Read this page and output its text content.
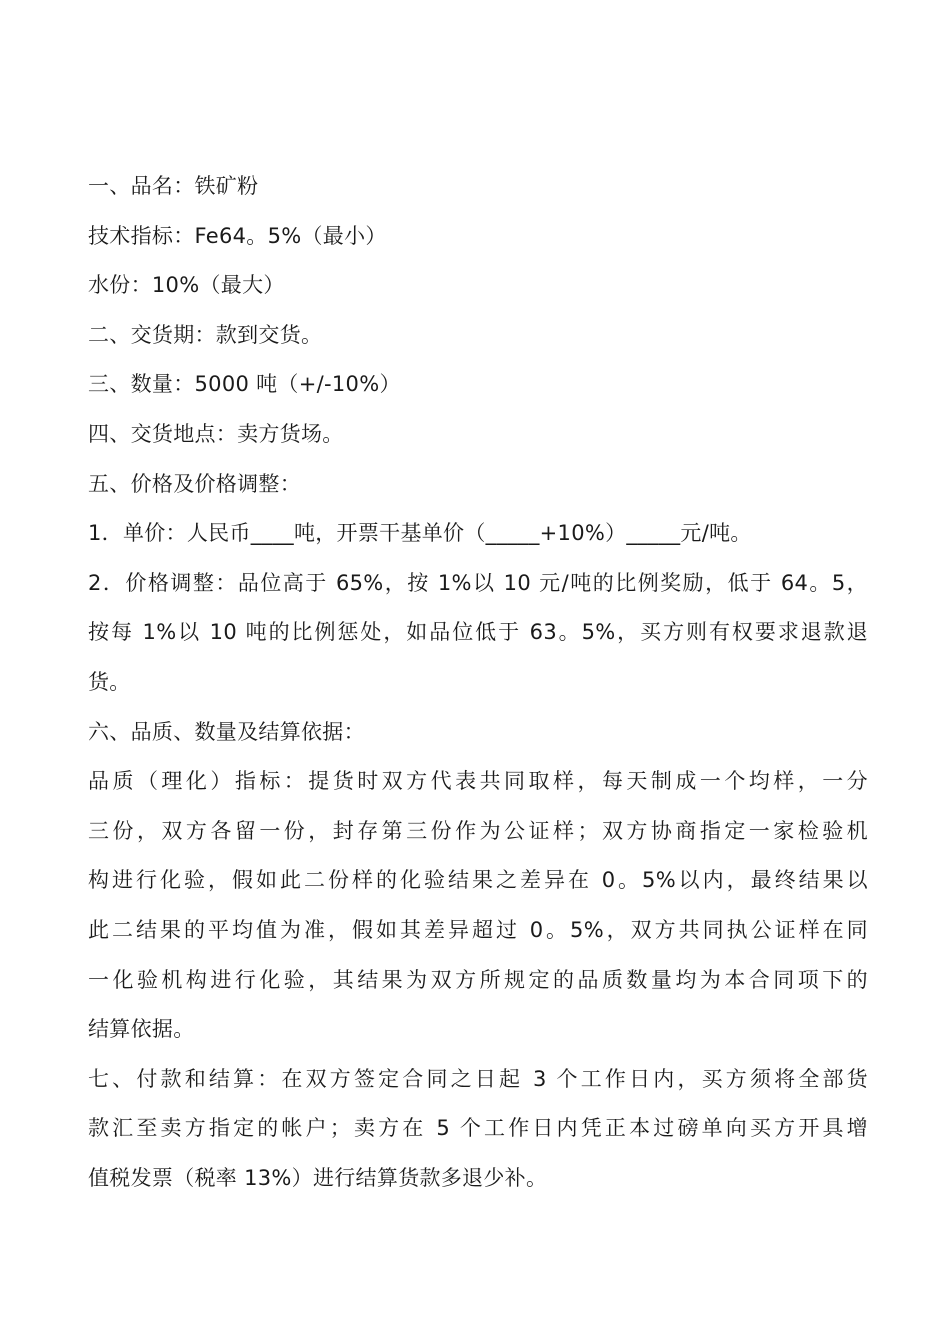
一、品名：铁矿粉
技术指标：Fe64。5%（最小）
水份：10%（最大）
二、交货期：款到交货。
三、数量：5000 吨（+/-10%）
四、交货地点：卖方货场。
五、价格及价格调整：
1．单价：人民币____吨，开票干基单价（_____+10%）_____元/吨。
2．价格调整：品位高于 65%，按 1%以 10 元/吨的比例奖励，低于 64。5，
按每 1%以 10 吨的比例惩处，如品位低于 63。5%，买方则有权要求退款退
货。
六、品质、数量及结算依据：
品质（理化）指标：提货时双方代表共同取样，每天制成一个均样，一分
三份，双方各留一份，封存第三份作为公证样；双方协商指定一家检验机
构进行化验，假如此二份样的化验结果之差异在 0。5%以内，最终结果以
此二结果的平均值为准，假如其差异超过 0。5%，双方共同执公证样在同
一化验机构进行化验，其结果为双方所规定的品质数量均为本合同项下的
结算依据。
七、付款和结算：在双方签定合同之日起 3 个工作日内，买方须将全部货
款汇至卖方指定的帐户；卖方在 5 个工作日内凭正本过磅单向买方开具增
值税发票（税率 13%）进行结算货款多退少补。
